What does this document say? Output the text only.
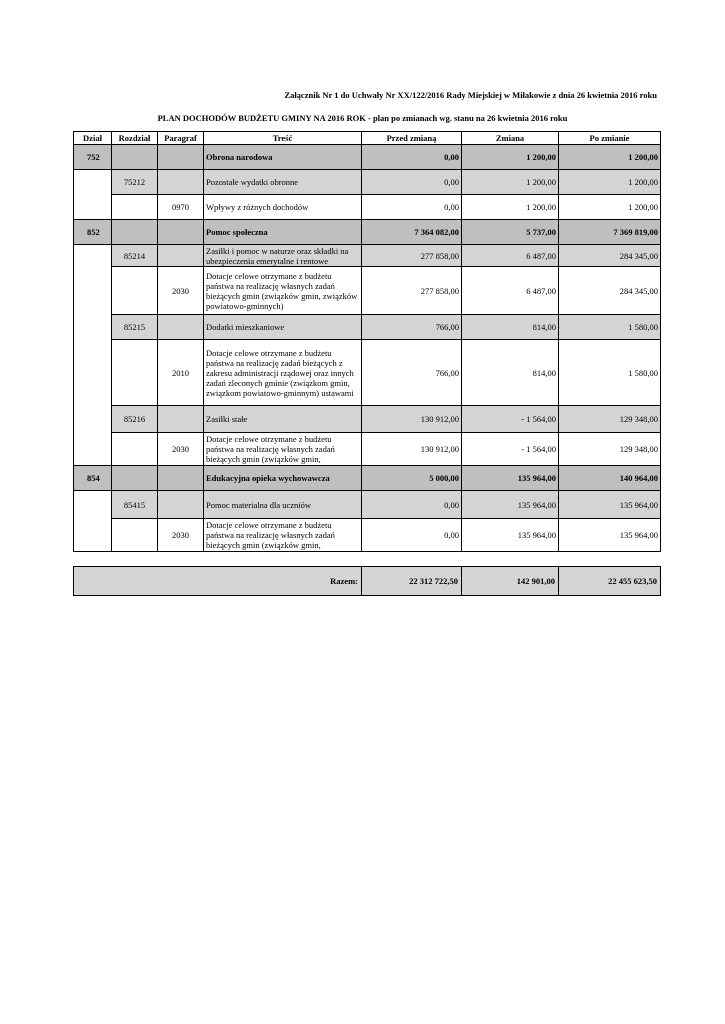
Załącznik Nr 1 do Uchwały Nr XX/122/2016 Rady Miejskiej w Miłakowie z dnia 26 kwietnia 2016 roku
PLAN DOCHODÓW BUDŻETU GMINY NA 2016 ROK - plan po zmianach wg. stanu na 26 kwietnia 2016 roku
Dział	Rozdział	Paragraf	Treść	Przed zmianą	Zmiana	Po zmianie
752			Obrona narodowa	0,00	1 200,00	1 200,00
	75212		Pozostałe wydatki obronne	0,00	1 200,00	1 200,00
		0970	Wpływy z różnych dochodów	0,00	1 200,00	1 200,00
852			Pomoc społeczna	7 364 082,00	5 737,00	7 369 819,00
	85214		Zasiłki i pomoc w naturze oraz składki na ubezpieczenia emerytalne i rentowe	277 858,00	6 487,00	284 345,00
		2030	Dotacje celowe otrzymane z budżetu państwa na realizację własnych zadań bieżących gmin (związków gmin, związków powiatowo-gminnych)	277 858,00	6 487,00	284 345,00
	85215		Dodatki mieszkaniowe	766,00	814,00	1 580,00
		2010	Dotacje celowe otrzymane z budżetu państwa na realizację zadań bieżących z zakresu administracji rządowej oraz innych zadań zleconych gminie (związkom gmin, związkom powiatowo-gminnym) ustawami	766,00	814,00	1 580,00
	85216		Zasiłki stałe	130 912,00	- 1 564,00	129 348,00
		2030	Dotacje celowe otrzymane z budżetu państwa na realizację własnych zadań bieżących gmin (związków gmin,	130 912,00	- 1 564,00	129 348,00
854			Edukacyjna opieka wychowawcza	5 000,00	135 964,00	140 964,00
	85415		Pomoc materialna dla uczniów	0,00	135 964,00	135 964,00
		2030	Dotacje celowe otrzymane z budżetu państwa na realizację własnych zadań bieżących gmin (związków gmin,	0,00	135 964,00	135 964,00
Razem:	22 312 722,50	142 901,00	22 455 623,50
